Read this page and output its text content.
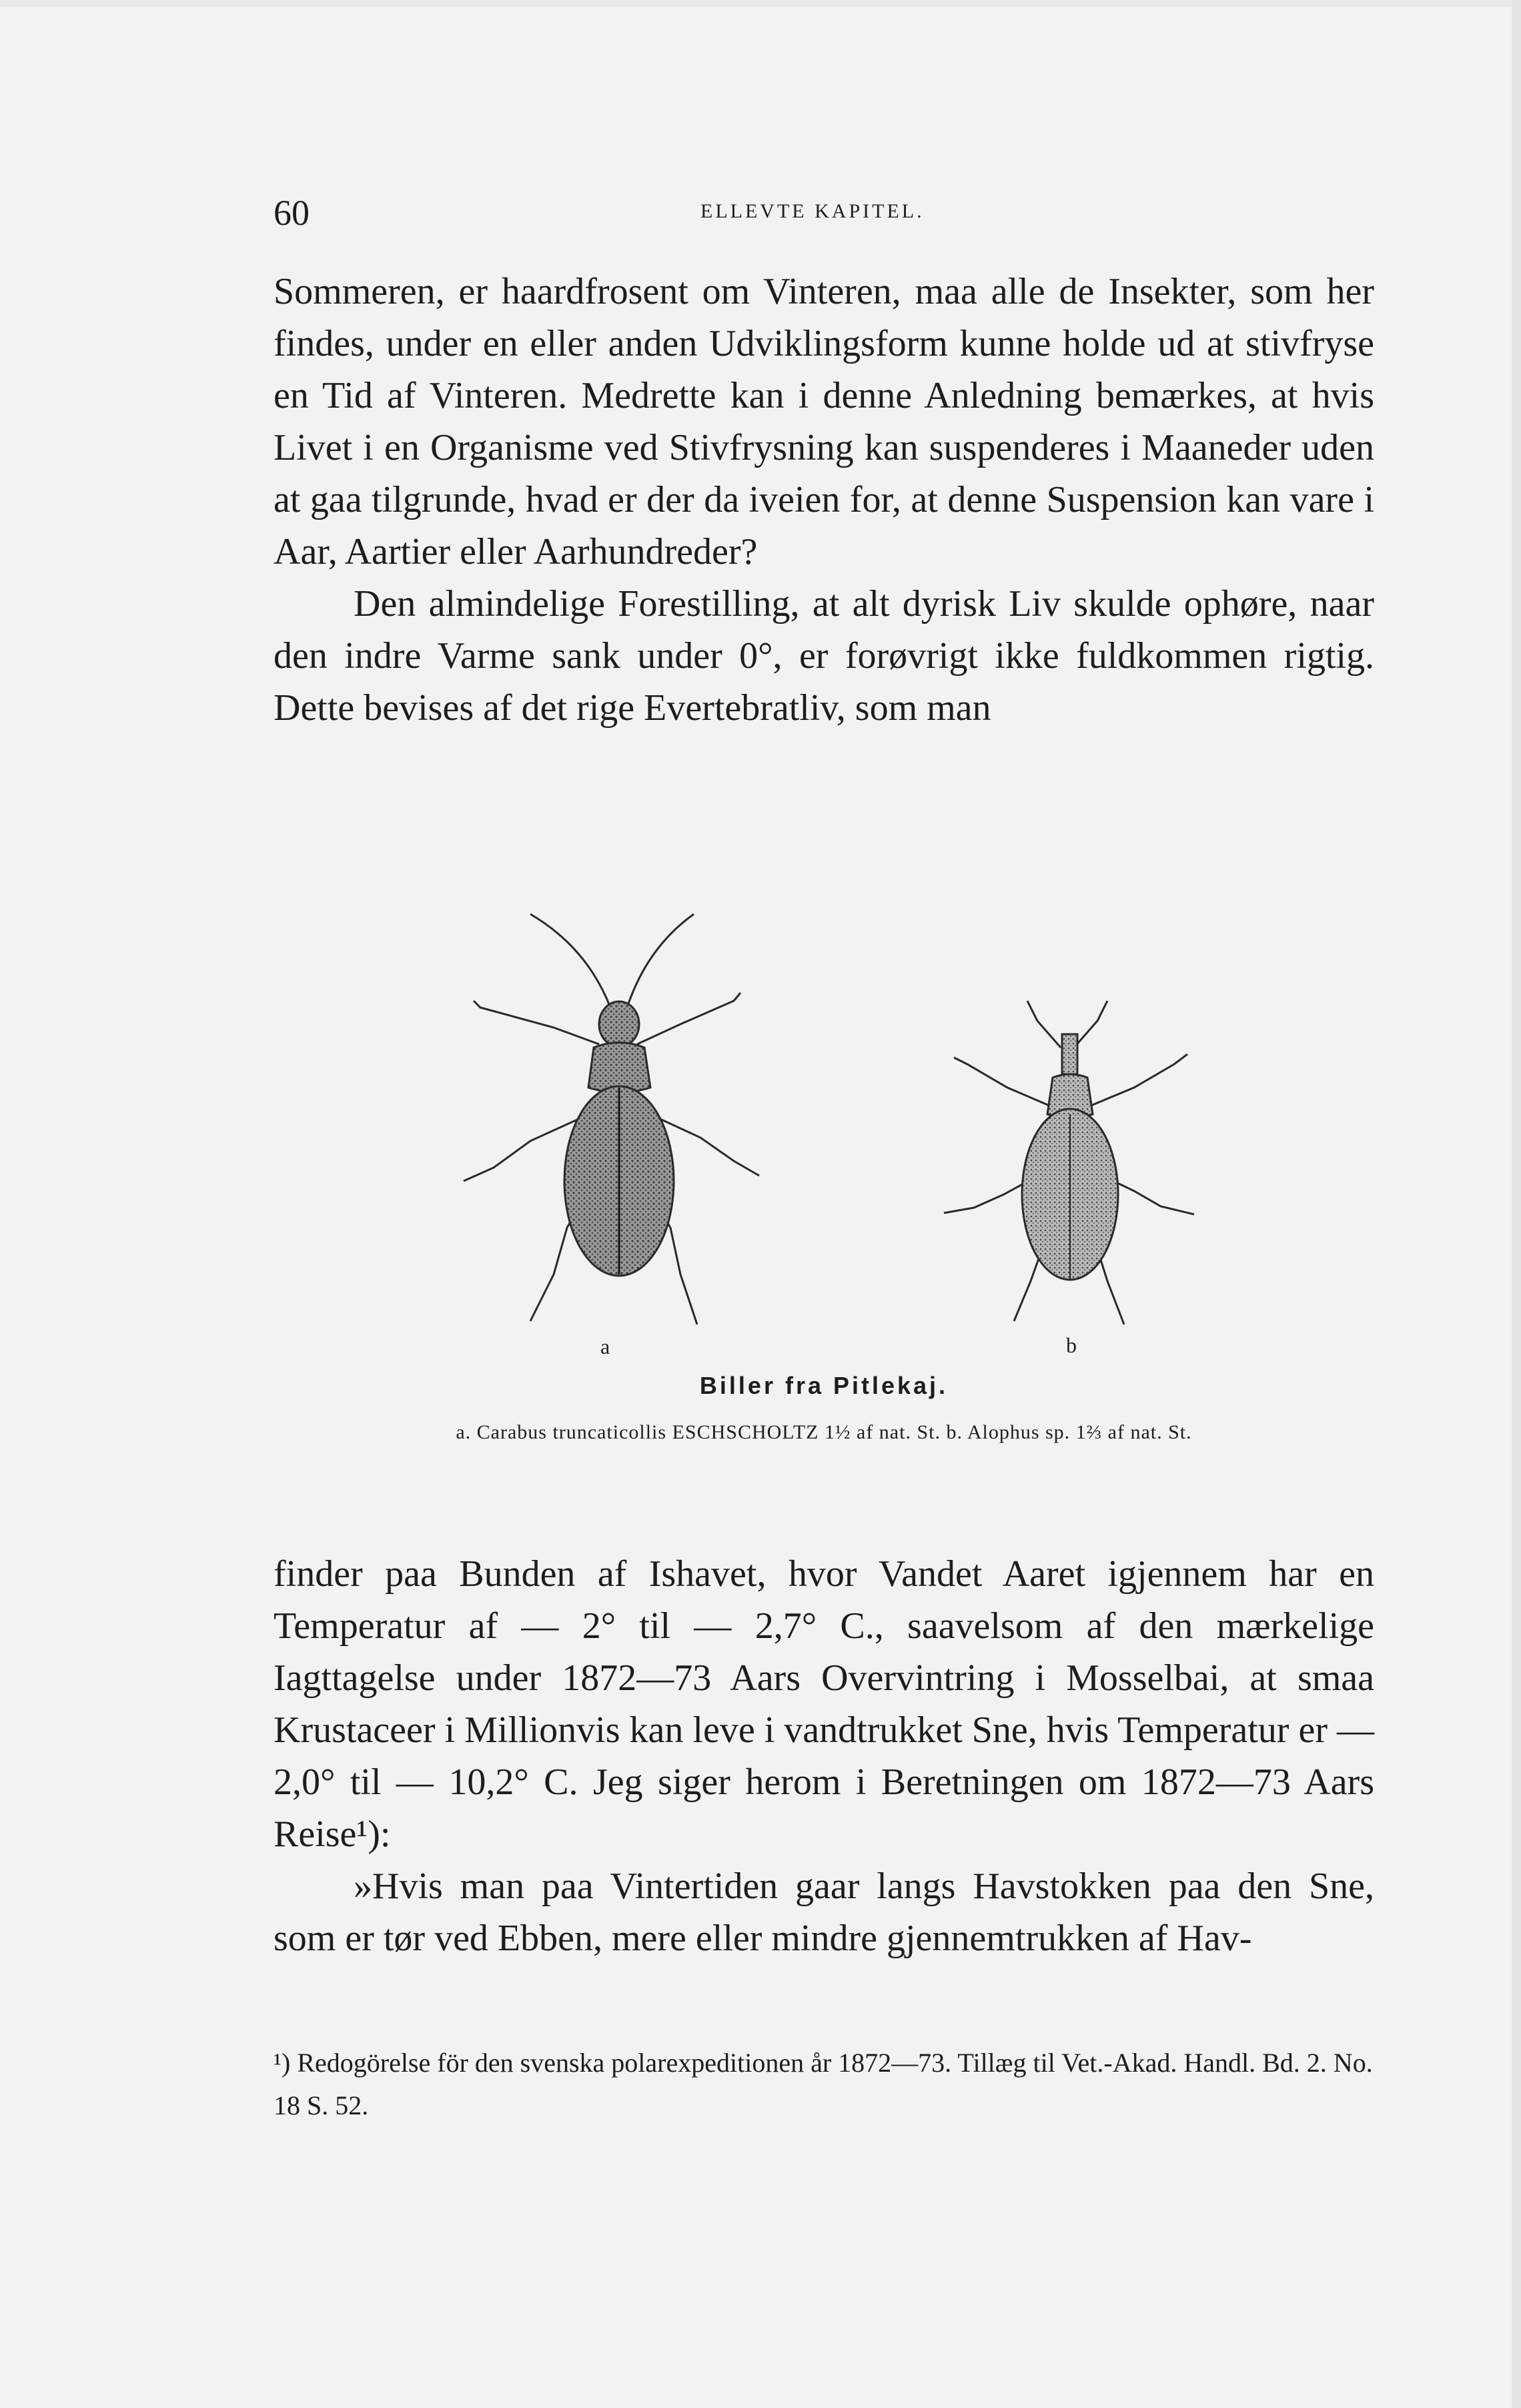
60	ELLEVTE KAPITEL.

Sommeren, er haardfrosent om Vinteren, maa alle de Insekter, som her findes, under en eller anden Udviklingsform kunne holde ud at stivfryse en Tid af Vinteren. Medrette kan i denne Anledning bemærkes, at hvis Livet i en Organisme ved Stivfrysning kan suspenderes i Maaneder uden at gaa tilgrunde, hvad er der da iveien for, at denne Suspension kan vare i Aar, Aartier eller Aarhundreder?

Den almindelige Forestilling, at alt dyrisk Liv skulde ophøre, naar den indre Varme sank under 0°, er forøvrigt ikke fuldkommen rigtig. Dette bevises af det rige Evertebratliv, som man

a	b
Biller fra Pitlekaj.
a. Carabus truncaticollis ESCHSCHOLTZ 1½ af nat. St. b. Alophus sp. 1⅔ af nat. St.

finder paa Bunden af Ishavet, hvor Vandet Aaret igjennem har en Temperatur af — 2° til — 2,7° C., saavelsom af den mærkelige Iagttagelse under 1872—73 Aars Overvintring i Mosselbai, at smaa Krustaceer i Millionvis kan leve i vandtrukket Sne, hvis Temperatur er — 2,0° til — 10,2° C. Jeg siger herom i Beretningen om 1872—73 Aars Reise¹):

»Hvis man paa Vintertiden gaar langs Havstokken paa den Sne, som er tør ved Ebben, mere eller mindre gjennemtrukken af Hav-

¹) Redogörelse för den svenska polarexpeditionen år 1872—73. Tillæg til Vet.-Akad. Handl. Bd. 2. No. 18 S. 52.
